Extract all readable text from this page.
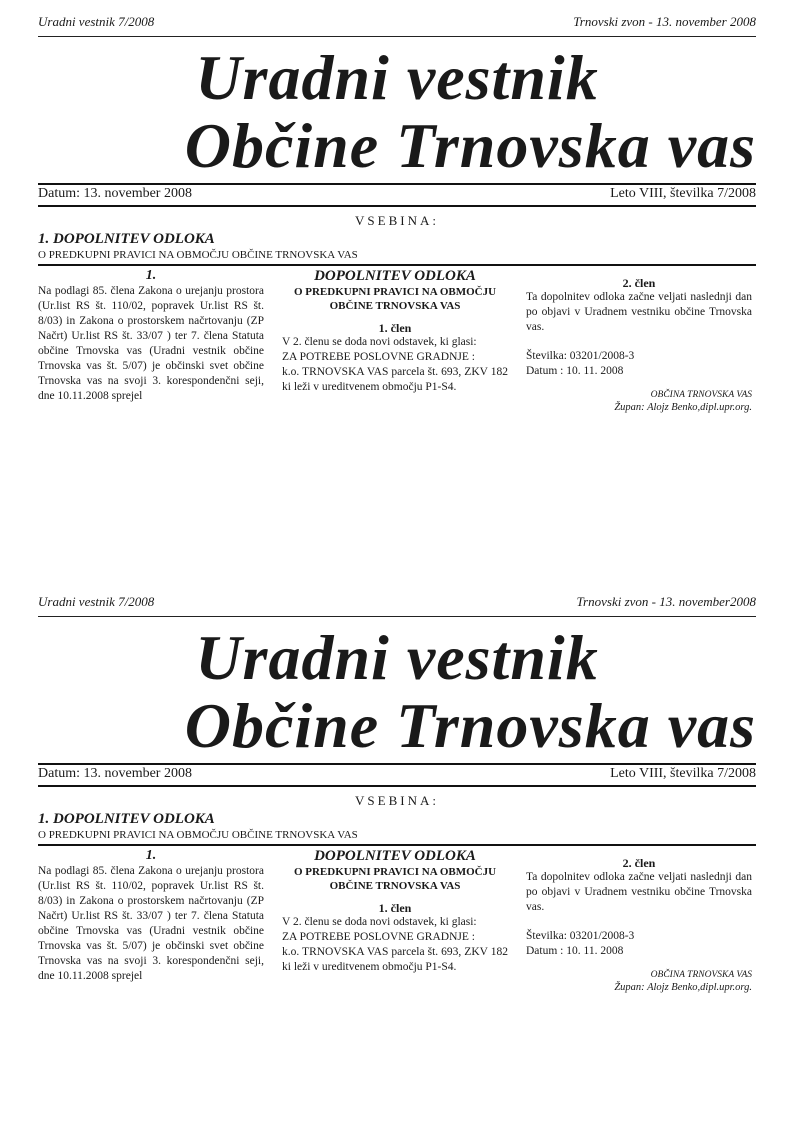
Uradni vestnik 7/2008	Trnovski zvon - 13. november 2008
Uradni vestnik
Občine Trnovska vas
Datum: 13. november 2008	Leto VIII, številka 7/2008
VSEBINA:
1. DOPOLNITEV ODLOKA
O PREDKUPNI PRAVICI NA OBMOČJU OBČINE TRNOVSKA VAS
1.

Na podlagi 85. člena Zakona o urejanju prostora (Ur.list RS št. 110/02, popravek Ur.list RS št. 8/03) in Zakona o prostorskem načrtovanju (ZP Načrt) Ur.list RS št. 33/07 ) ter 7. člena Statuta občine Trnovska vas (Uradni vestnik občine Trnovska vas št. 5/07) je občinski svet občine Trnovska vas na svoji 3. korespondenčni seji, dne 10.11.2008 sprejel

DOPOLNITEV ODLOKA
O PREDKUPNI PRAVICI NA OBMOČJU OBČINE TRNOVSKA VAS
1. člen

V 2. členu se doda novi odstavek, ki glasi:

ZA POTREBE POSLOVNE GRADNJE :

k.o. TRNOVSKA VAS parcela št. 693, ZKV 182 ki leži v ureditvenem območju P1-S4.

2. člen

Ta dopolnitev odloka začne veljati naslednji dan po objavi v Uradnem vestniku občine Trnovska vas.

Številka: 03201/2008-3

Datum : 10. 11. 2008

OBČINA TRNOVSKA VAS
Župan: Alojz Benko,dipl.upr.org.
Uradni vestnik 7/2008	Trnovski zvon - 13. november2008
Uradni vestnik
Občine Trnovska vas
Datum: 13. november 2008	Leto VIII, številka 7/2008
VSEBINA:
1. DOPOLNITEV ODLOKA
O PREDKUPNI PRAVICI NA OBMOČJU OBČINE TRNOVSKA VAS
1.

Na podlagi 85. člena Zakona o urejanju prostora (Ur.list RS št. 110/02, popravek Ur.list RS št. 8/03) in Zakona o prostorskem načrtovanju (ZP Načrt) Ur.list RS št. 33/07 ) ter 7. člena Statuta občine Trnovska vas (Uradni vestnik občine Trnovska vas št. 5/07) je občinski svet občine Trnovska vas na svoji 3. korespondenčni seji, dne 10.11.2008 sprejel

DOPOLNITEV ODLOKA
O PREDKUPNI PRAVICI NA OBMOČJU OBČINE TRNOVSKA VAS
1. člen

V 2. členu se doda novi odstavek, ki glasi:

ZA POTREBE POSLOVNE GRADNJE :

k.o. TRNOVSKA VAS parcela št. 693, ZKV 182 ki leži v ureditvenem območju P1-S4.

2. člen

Ta dopolnitev odloka začne veljati naslednji dan po objavi v Uradnem vestniku občine Trnovska vas.

Številka: 03201/2008-3

Datum : 10. 11. 2008

OBČINA TRNOVSKA VAS
Župan: Alojz Benko,dipl.upr.org.
